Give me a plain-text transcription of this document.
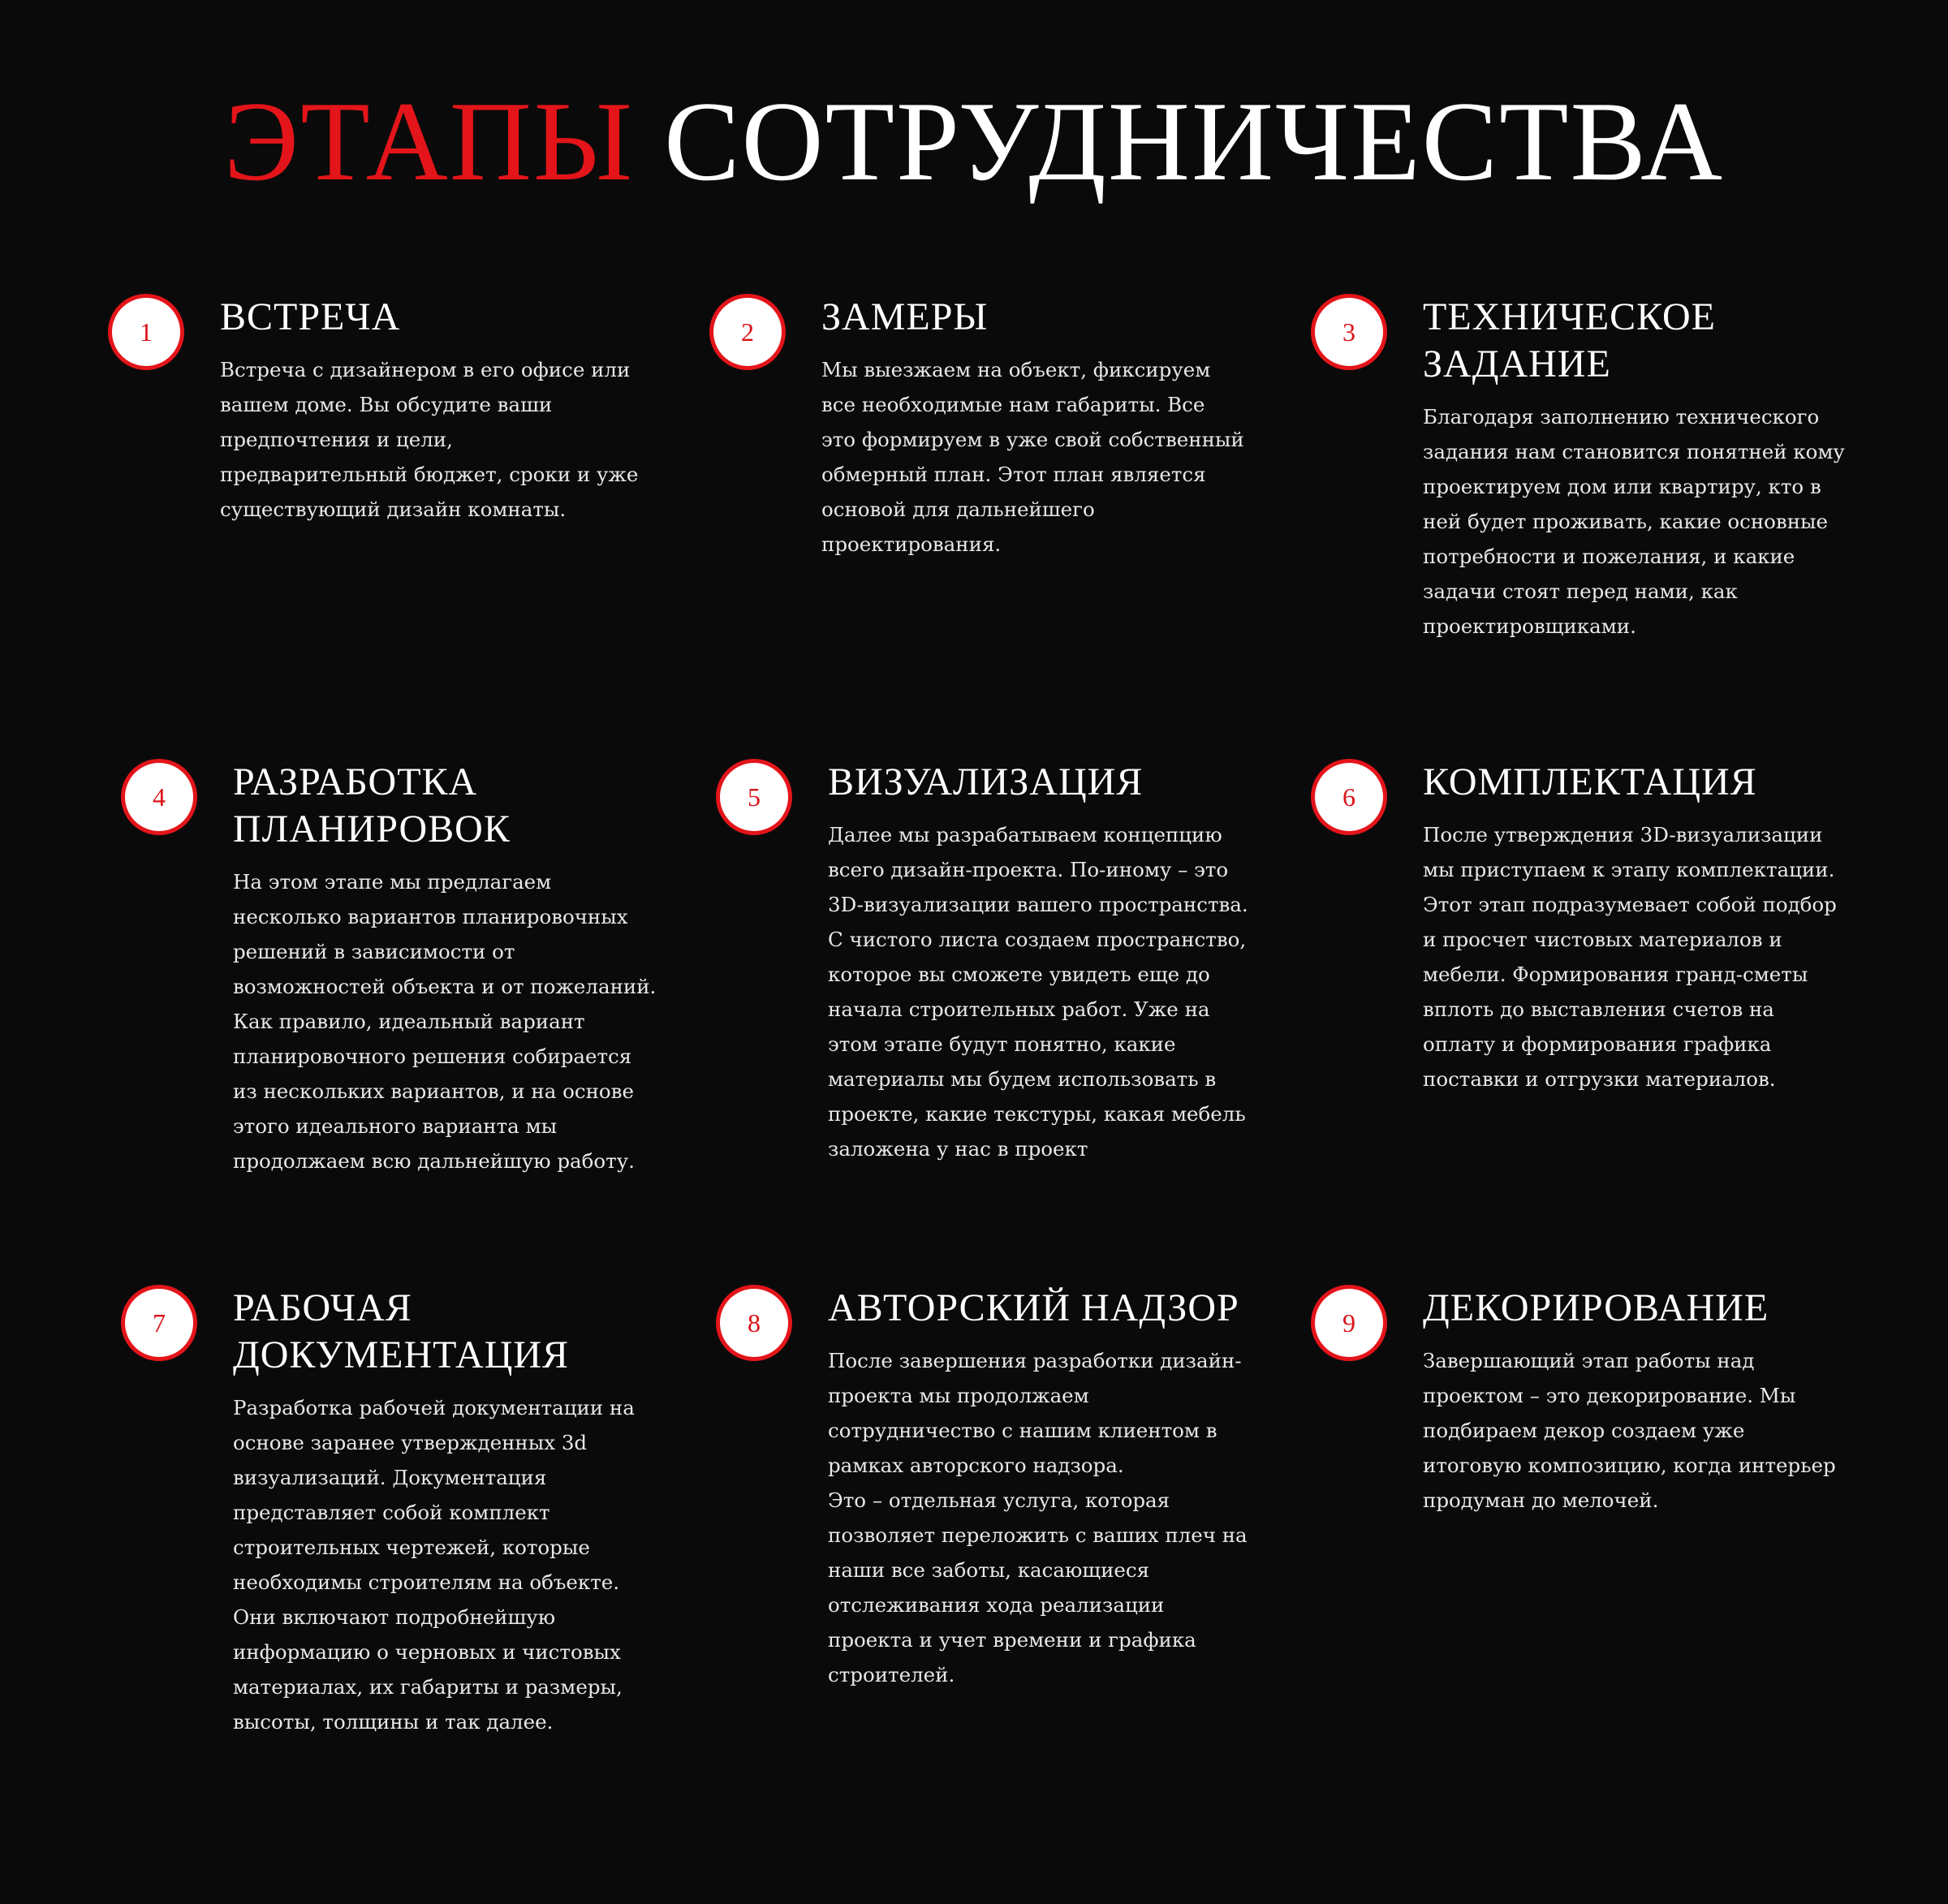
ЭТАПЫ СОТРУДНИЧЕСТВА
1	ВСТРЕЧА

Встреча с дизайнером в его офисе или вашем доме. Вы обсудите ваши предпочтения и цели, предварительный бюджет, сроки и уже существующий дизайн комнаты.

2	ЗАМЕРЫ

Мы выезжаем на объект, фиксируем все необходимые нам габариты. Все это формируем в уже свой собственный обмерный план. Этот план является основой для дальнейшего проектирования.

3	ТЕХНИЧЕСКОЕ
ЗАДАНИЕ

Благодаря заполнению технического задания нам становится понятней кому проектируем дом или квартиру, кто в ней будет проживать, какие основные потребности и пожелания, и какие задачи стоят перед нами, как проектировщиками.

4	РАЗРАБОТКА
ПЛАНИРОВОК

На этом этапе мы предлагаем несколько вариантов планировочных решений в зависимости от возможностей объекта и от пожеланий. Как правило, идеальный вариант планировочного решения собирается из нескольких вариантов, и на основе этого идеального варианта мы продолжаем всю дальнейшую работу.

5	ВИЗУАЛИЗАЦИЯ

Далее мы разрабатываем концепцию всего дизайн-проекта. По-иному – это 3D-визуализации вашего пространства. С чистого листа создаем пространство, которое вы сможете увидеть еще до начала строительных работ. Уже на этом этапе будут понятно, какие материалы мы будем использовать в проекте, какие текстуры, какая мебель заложена у нас в проект

6	КОМПЛЕКТАЦИЯ

После утверждения 3D-визуализации мы приступаем к этапу комплектации. Этот этап подразумевает собой подбор и просчет чистовых материалов и мебели. Формирования гранд-сметы вплоть до выставления счетов на оплату и формирования графика поставки и отгрузки материалов.

7	РАБОЧАЯ
ДОКУМЕНТАЦИЯ

Разработка рабочей документации на основе заранее утвержденных 3d визуализаций. Документация представляет собой комплект строительных чертежей, которые необходимы строителям на объекте. Они включают подробнейшую информацию о черновых и чистовых материалах, их габариты и размеры, высоты, толщины и так далее.

8	АВТОРСКИЙ НАДЗОР

После завершения разработки дизайн-проекта мы продолжаем сотрудничество с нашим клиентом в рамках авторского надзора.
Это – отдельная услуга, которая позволяет переложить с ваших плеч на наши все заботы, касающиеся отслеживания хода реализации проекта и учет времени и графика строителей.

9	ДЕКОРИРОВАНИЕ

Завершающий этап работы над проектом – это декорирование. Мы подбираем декор создаем уже итоговую композицию, когда интерьер продуман до мелочей.
